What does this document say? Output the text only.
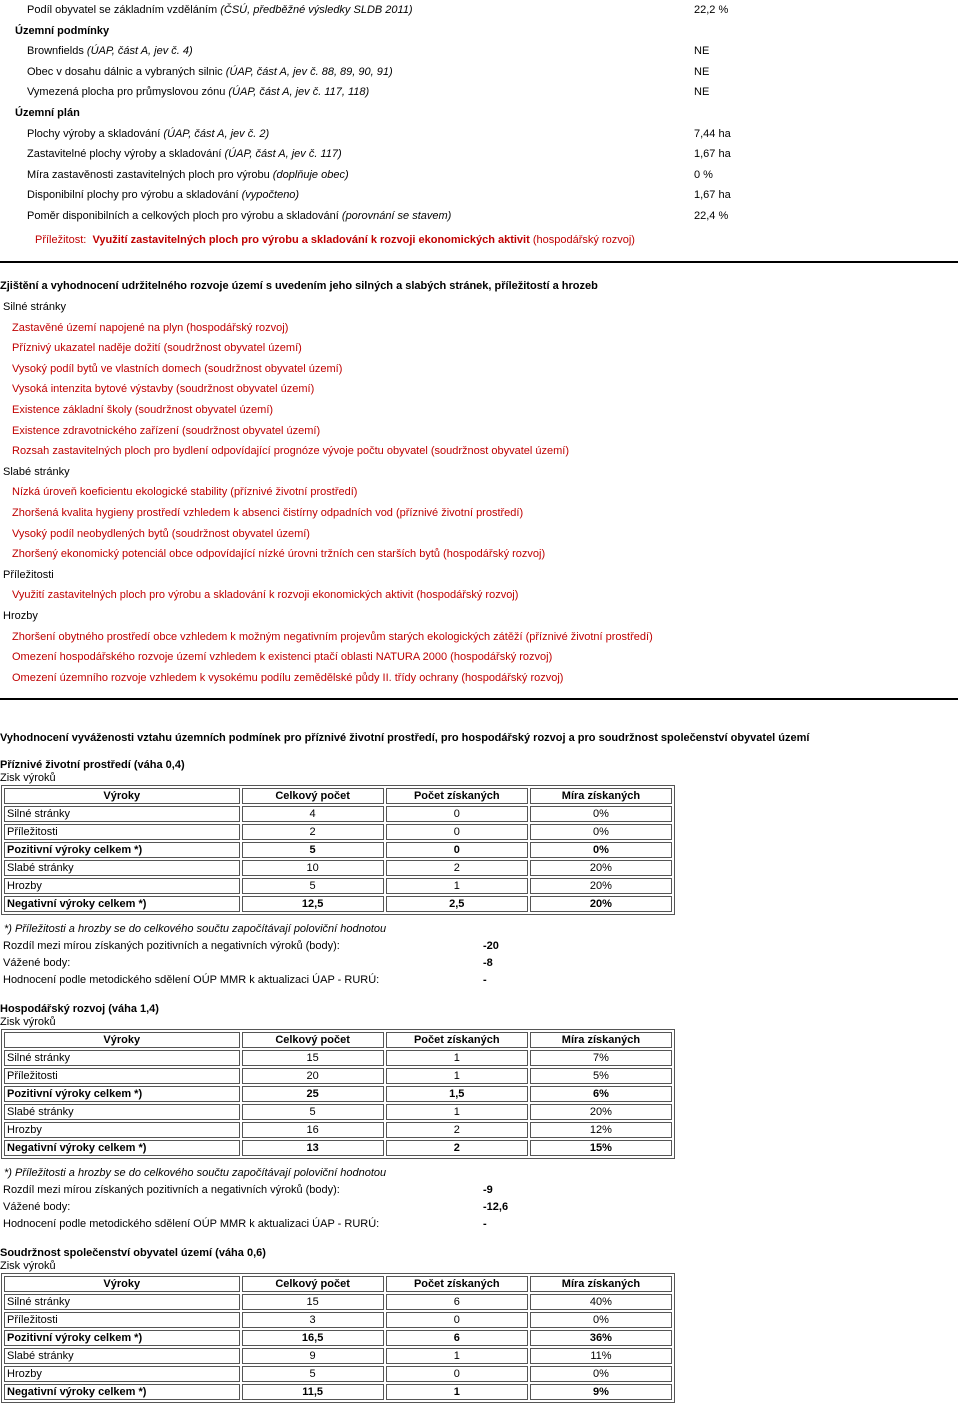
Podíl obyvatel se základním vzděláním (ČSÚ, předběžné výsledky SLDB 2011)	22,2 %
Územní podmínky
Brownfields (ÚAP, část A, jev č. 4)	NE
Obec v dosahu dálnic a vybraných silnic (ÚAP, část A, jev č. 88, 89, 90, 91)	NE
Vymezená plocha pro průmyslovou zónu (ÚAP, část A, jev č. 117, 118)	NE
Územní plán
Plochy výroby a skladování (ÚAP, část A, jev č. 2)	7,44 ha
Zastavitelné plochy výroby a skladování (ÚAP, část A, jev č. 117)	1,67 ha
Míra zastavěnosti zastavitelných ploch pro výrobu (doplňuje obec)	0 %
Disponibilní plochy pro výrobu a skladování (vypočteno)	1,67 ha
Poměr disponibilních a celkových ploch pro výrobu a skladování (porovnání se stavem)	22,4 %
Příležitost: Využití zastavitelných ploch pro výrobu a skladování k rozvoji ekonomických aktivit (hospodářský rozvoj)
Zjištění a vyhodnocení udržitelného rozvoje území s uvedením jeho silných a slabých stránek, příležitostí a hrozeb
Silné stránky
Zastavěné území napojené na plyn (hospodářský rozvoj)
Příznivý ukazatel naděje dožití (soudržnost obyvatel území)
Vysoký podíl bytů ve vlastních domech (soudržnost obyvatel území)
Vysoká intenzita bytové výstavby (soudržnost obyvatel území)
Existence základní školy (soudržnost obyvatel území)
Existence zdravotnického zařízení (soudržnost obyvatel území)
Rozsah zastavitelných ploch pro bydlení odpovídající prognóze vývoje počtu obyvatel (soudržnost obyvatel území)
Slabé stránky
Nízká úroveň koeficientu ekologické stability (příznivé životní prostředí)
Zhoršená kvalita hygieny prostředí vzhledem k absenci čistírny odpadních vod (příznivé životní prostředí)
Vysoký podíl neobydlených bytů (soudržnost obyvatel území)
Zhoršený ekonomický potenciál obce odpovídající nízké úrovni tržních cen starších bytů (hospodářský rozvoj)
Příležitosti
Využití zastavitelných ploch pro výrobu a skladování k rozvoji ekonomických aktivit (hospodářský rozvoj)
Hrozby
Zhoršení obytného prostředí obce vzhledem k možným negativním projevům starých ekologických zátěží (příznivé životní prostředí)
Omezení hospodářského rozvoje území vzhledem k existenci ptačí oblasti NATURA 2000 (hospodářský rozvoj)
Omezení územního rozvoje vzhledem k vysokému podílu zemědělské půdy II. třídy ochrany (hospodářský rozvoj)
Vyhodnocení vyváženosti vztahu územních podmínek pro příznivé životní prostředí, pro hospodářský rozvoj a pro soudržnost společenství obyvatel území
Příznivé životní prostředí (váha 0,4)
Zisk výroků
Výroky	Celkový počet	Počet získaných	Míra získaných
Silné stránky	4	0	0%
Příležitosti	2	0	0%
Pozitivní výroky celkem *)	5	0	0%
Slabé stránky	10	2	20%
Hrozby	5	1	20%
Negativní výroky celkem *)	12,5	2,5	20%
*) Příležitosti a hrozby se do celkového součtu započítávají poloviční hodnotou
Rozdíl mezi mírou získaných pozitivních a negativních výroků (body):	-20
Vážené body:	-8
Hodnocení podle metodického sdělení OÚP MMR k aktualizaci ÚAP - RURÚ:	-
Hospodářský rozvoj (váha 1,4)
Zisk výroků
Výroky	Celkový počet	Počet získaných	Míra získaných
Silné stránky	15	1	7%
Příležitosti	20	1	5%
Pozitivní výroky celkem *)	25	1,5	6%
Slabé stránky	5	1	20%
Hrozby	16	2	12%
Negativní výroky celkem *)	13	2	15%
*) Příležitosti a hrozby se do celkového součtu započítávají poloviční hodnotou
Rozdíl mezi mírou získaných pozitivních a negativních výroků (body):	-9
Vážené body:	-12,6
Hodnocení podle metodického sdělení OÚP MMR k aktualizaci ÚAP - RURÚ:	-
Soudržnost společenství obyvatel území (váha 0,6)
Zisk výroků
Výroky	Celkový počet	Počet získaných	Míra získaných
Silné stránky	15	6	40%
Příležitosti	3	0	0%
Pozitivní výroky celkem *)	16,5	6	36%
Slabé stránky	9	1	11%
Hrozby	5	0	0%
Negativní výroky celkem *)	11,5	1	9%
